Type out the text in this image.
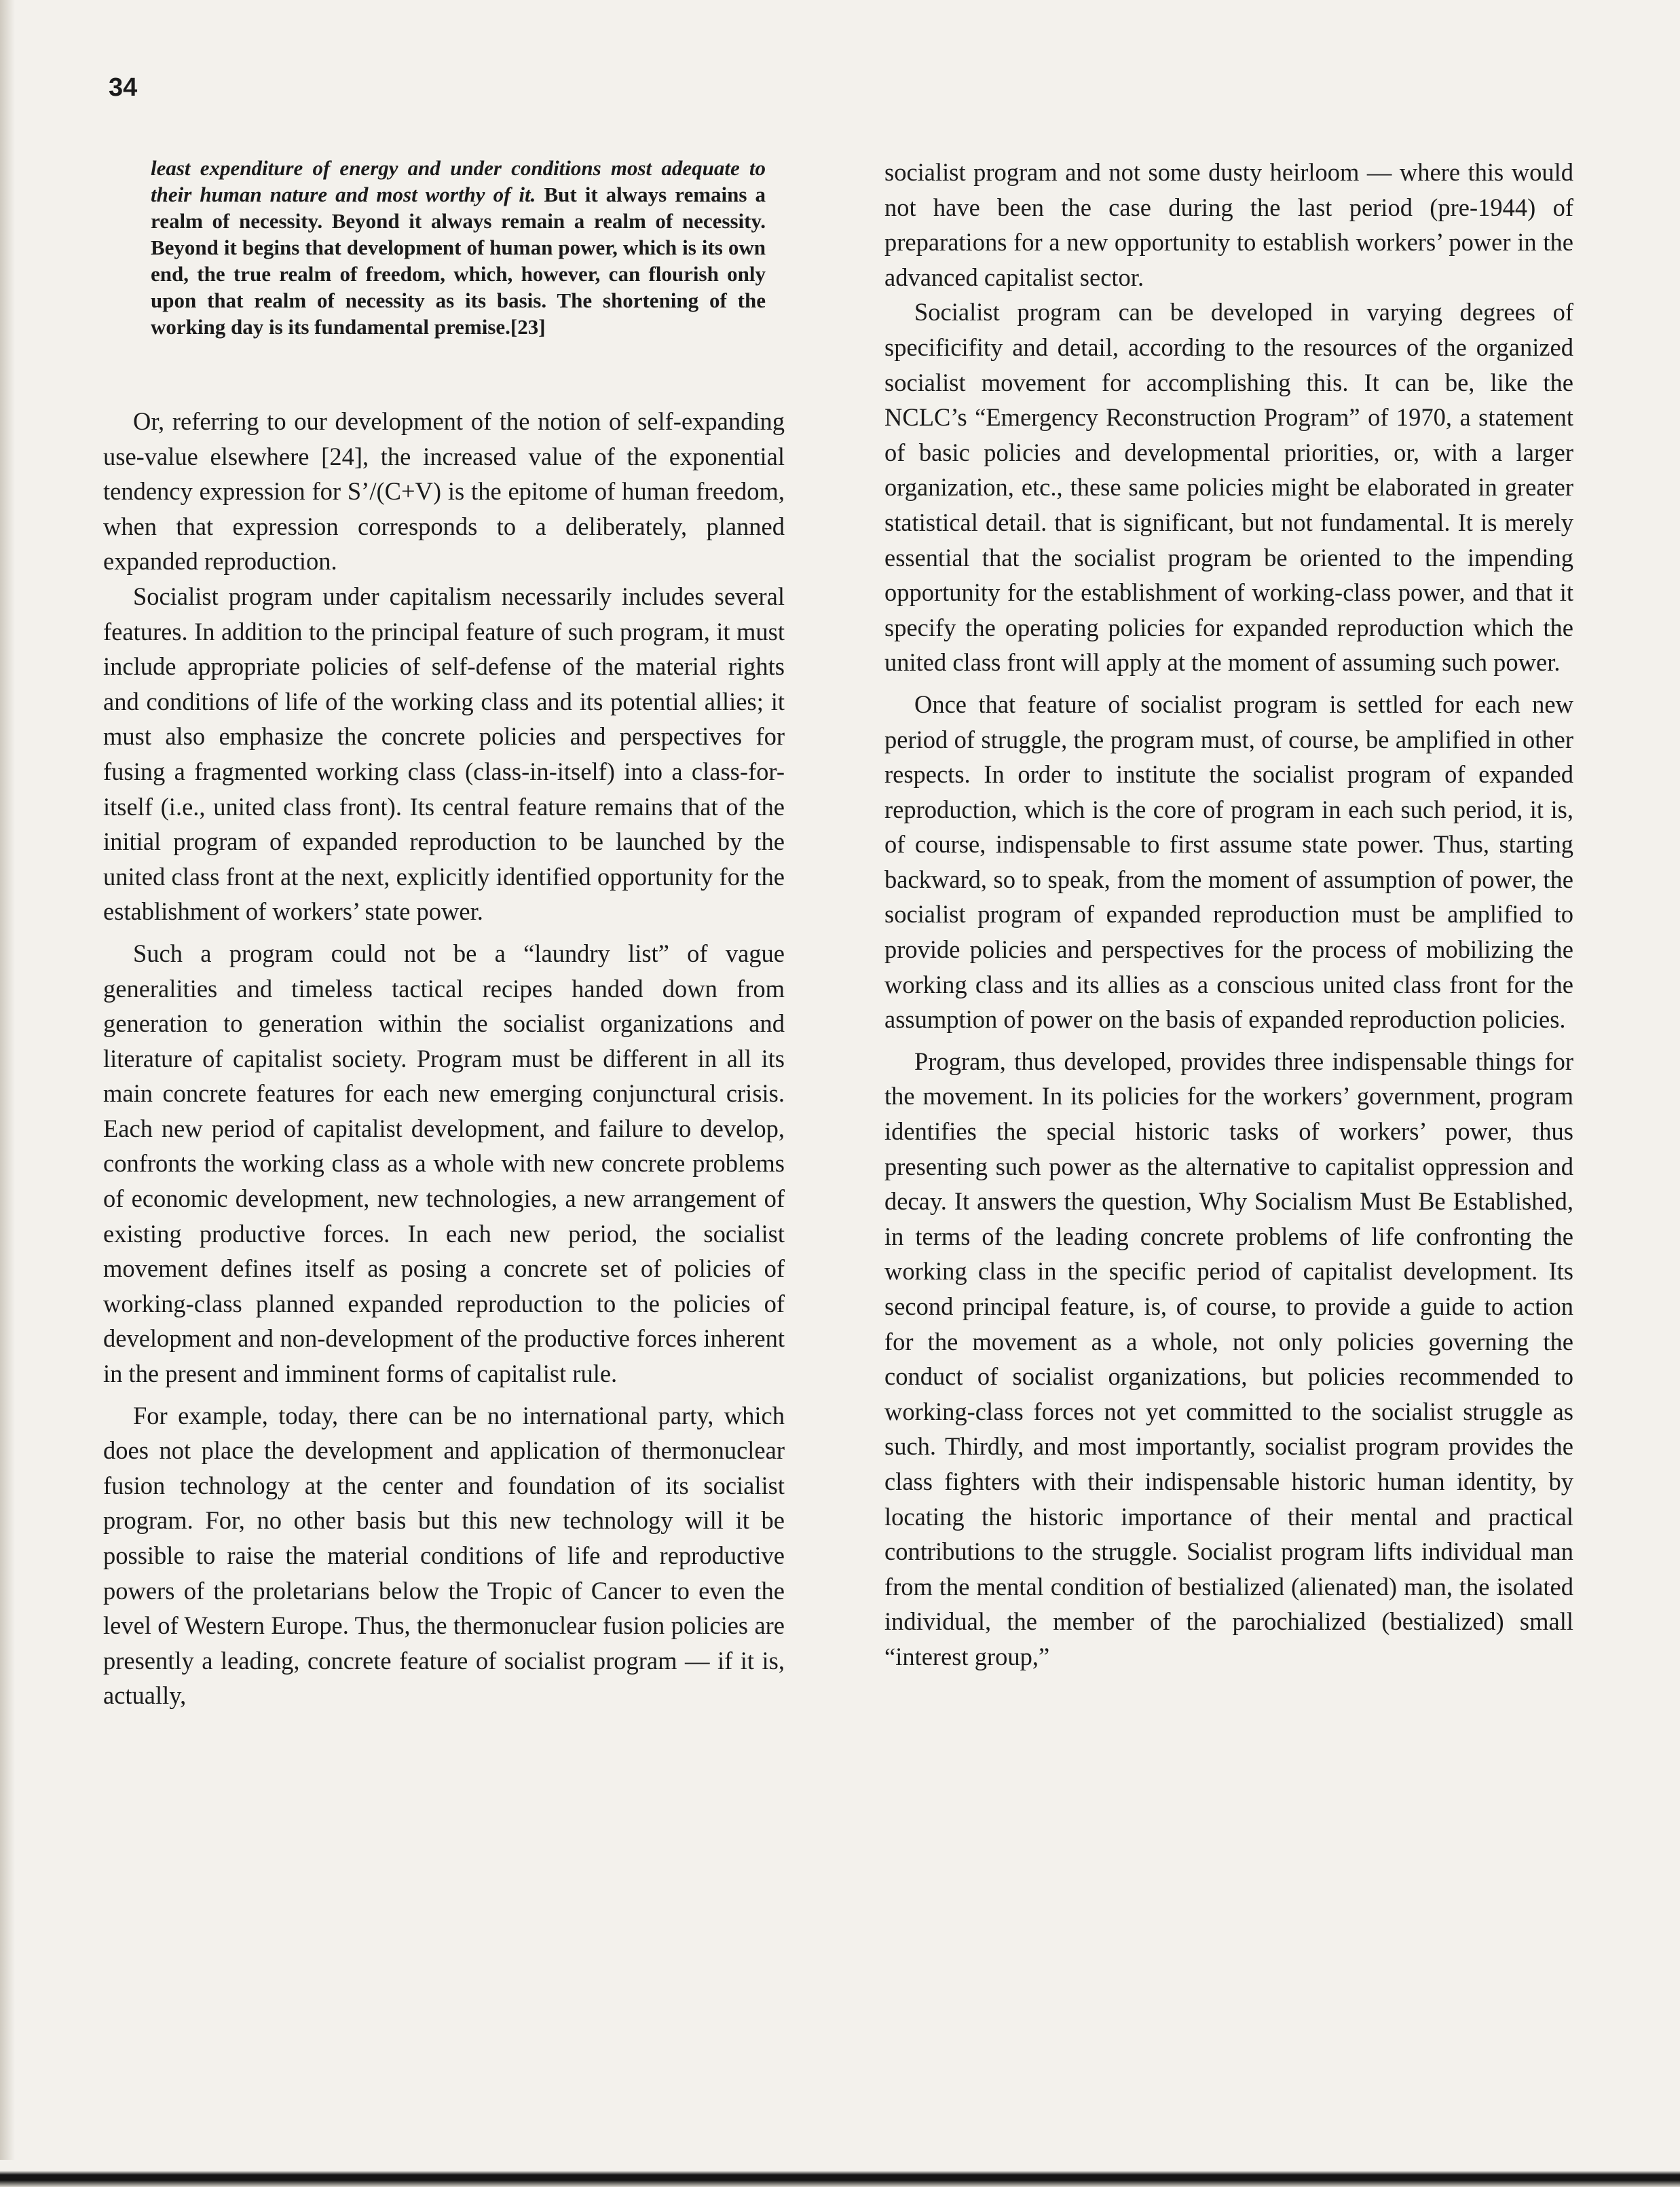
34
least expenditure of energy and under conditions most adequate to their human nature and most worthy of it. But it always remains a realm of necessity. Beyond it always remain a realm of necessity. Beyond it begins that development of human power, which is its own end, the true realm of freedom, which, however, can flourish only upon that realm of necessity as its basis. The shortening of the working day is its fundamental premise.[23]

Or, referring to our development of the notion of self-expanding use-value elsewhere [24], the increased value of the exponential tendency expression for S’/(C+V) is the epitome of human freedom, when that expression corresponds to a deliberately, planned expanded reproduction.

Socialist program under capitalism necessarily includes several features. In addition to the principal feature of such program, it must include appropriate policies of self-defense of the material rights and conditions of life of the working class and its potential allies; it must also emphasize the concrete policies and perspectives for fusing a fragmented working class (class-in-itself) into a class-for-itself (i.e., united class front). Its central feature remains that of the initial program of expanded reproduction to be launched by the united class front at the next, explicitly identified opportunity for the establishment of workers’ state power.

Such a program could not be a “laundry list” of vague generalities and timeless tactical recipes handed down from generation to generation within the socialist organizations and literature of capitalist society. Program must be different in all its main concrete features for each new emerging conjunctural crisis. Each new period of capitalist development, and failure to develop, confronts the working class as a whole with new concrete problems of economic development, new technologies, a new arrangement of existing productive forces. In each new period, the socialist movement defines itself as posing a concrete set of policies of working-class planned expanded reproduction to the policies of development and non-development of the productive forces inherent in the present and imminent forms of capitalist rule.

For example, today, there can be no international party, which does not place the development and application of thermonuclear fusion technology at the center and foundation of its socialist program. For, no other basis but this new technology will it be possible to raise the material conditions of life and reproductive powers of the proletarians below the Tropic of Cancer to even the level of Western Europe. Thus, the thermonuclear fusion policies are presently a leading, concrete feature of socialist program — if it is, actually,

socialist program and not some dusty heirloom — where this would not have been the case during the last period (pre-1944) of preparations for a new opportunity to establish workers’ power in the advanced capitalist sector.

Socialist program can be developed in varying degrees of specificifity and detail, according to the resources of the organized socialist movement for accomplishing this. It can be, like the NCLC’s “Emergency Reconstruction Program” of 1970, a statement of basic policies and developmental priorities, or, with a larger organization, etc., these same policies might be elaborated in greater statistical detail. that is significant, but not fundamental. It is merely essential that the socialist program be oriented to the impending opportunity for the establishment of working-class power, and that it specify the operating policies for expanded reproduction which the united class front will apply at the moment of assuming such power.

Once that feature of socialist program is settled for each new period of struggle, the program must, of course, be amplified in other respects. In order to institute the socialist program of expanded reproduction, which is the core of program in each such period, it is, of course, indispensable to first assume state power. Thus, starting backward, so to speak, from the moment of assumption of power, the socialist program of expanded reproduction must be amplified to provide policies and perspectives for the process of mobilizing the working class and its allies as a conscious united class front for the assumption of power on the basis of expanded reproduction policies.

Program, thus developed, provides three indispensable things for the movement. In its policies for the workers’ government, program identifies the special historic tasks of workers’ power, thus presenting such power as the alternative to capitalist oppression and decay. It answers the question, Why Socialism Must Be Established, in terms of the leading concrete problems of life confronting the working class in the specific period of capitalist development. Its second principal feature, is, of course, to provide a guide to action for the movement as a whole, not only policies governing the conduct of socialist organizations, but policies recommended to working-class forces not yet committed to the socialist struggle as such. Thirdly, and most importantly, socialist program provides the class fighters with their indispensable historic human identity, by locating the historic importance of their mental and practical contributions to the struggle. Socialist program lifts individual man from the mental condition of bestialized (alienated) man, the isolated individual, the member of the parochialized (bestialized) small “interest group,”
